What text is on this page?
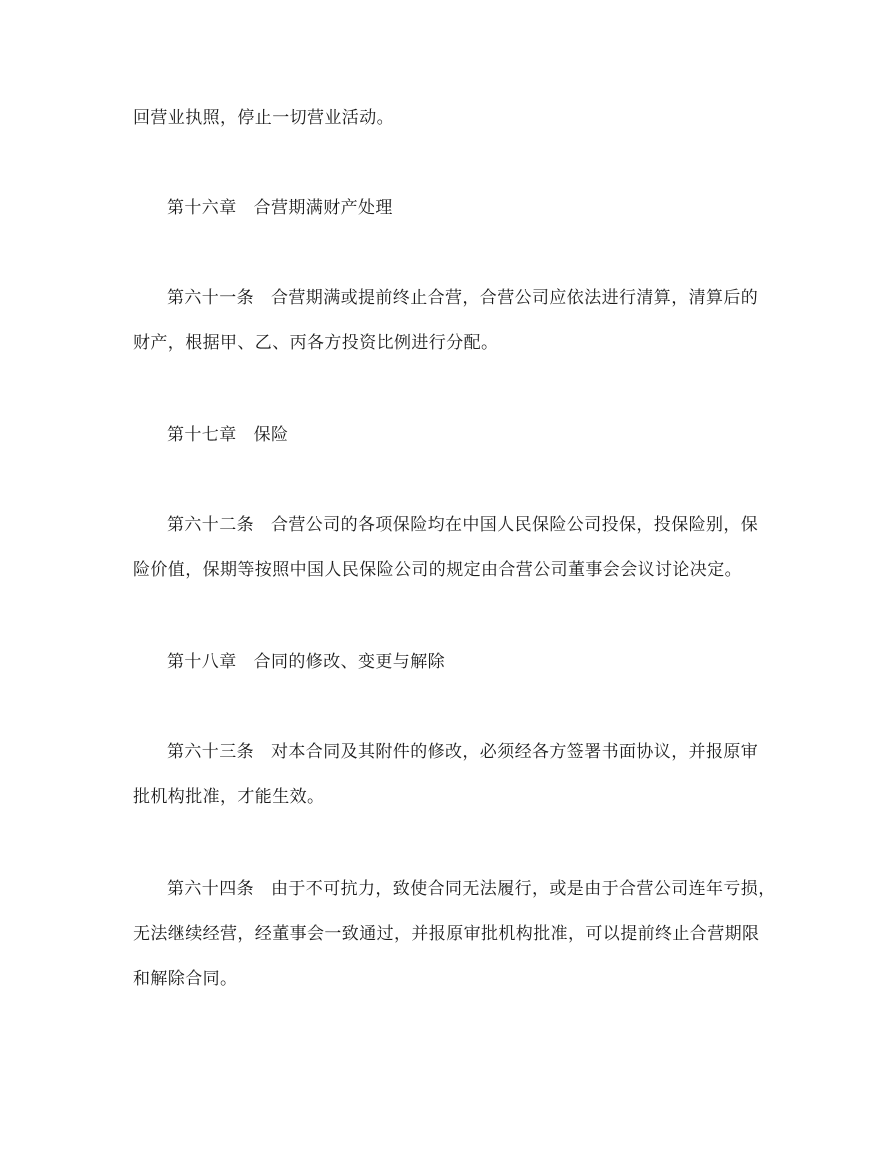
回营业执照，停止一切营业活动。
第十六章 合营期满财产处理
第六十一条 合营期满或提前终止合营，合营公司应依法进行清算，清算后的
财产，根据甲、乙、丙各方投资比例进行分配。
第十七章 保险
第六十二条 合营公司的各项保险均在中国人民保险公司投保，投保险别，保
险价值，保期等按照中国人民保险公司的规定由合营公司董事会会议讨论决定。
第十八章 合同的修改、变更与解除
第六十三条 对本合同及其附件的修改，必须经各方签署书面协议，并报原审
批机构批准，才能生效。
第六十四条 由于不可抗力，致使合同无法履行，或是由于合营公司连年亏损，
无法继续经营，经董事会一致通过，并报原审批机构批准，可以提前终止合营期限
和解除合同。
